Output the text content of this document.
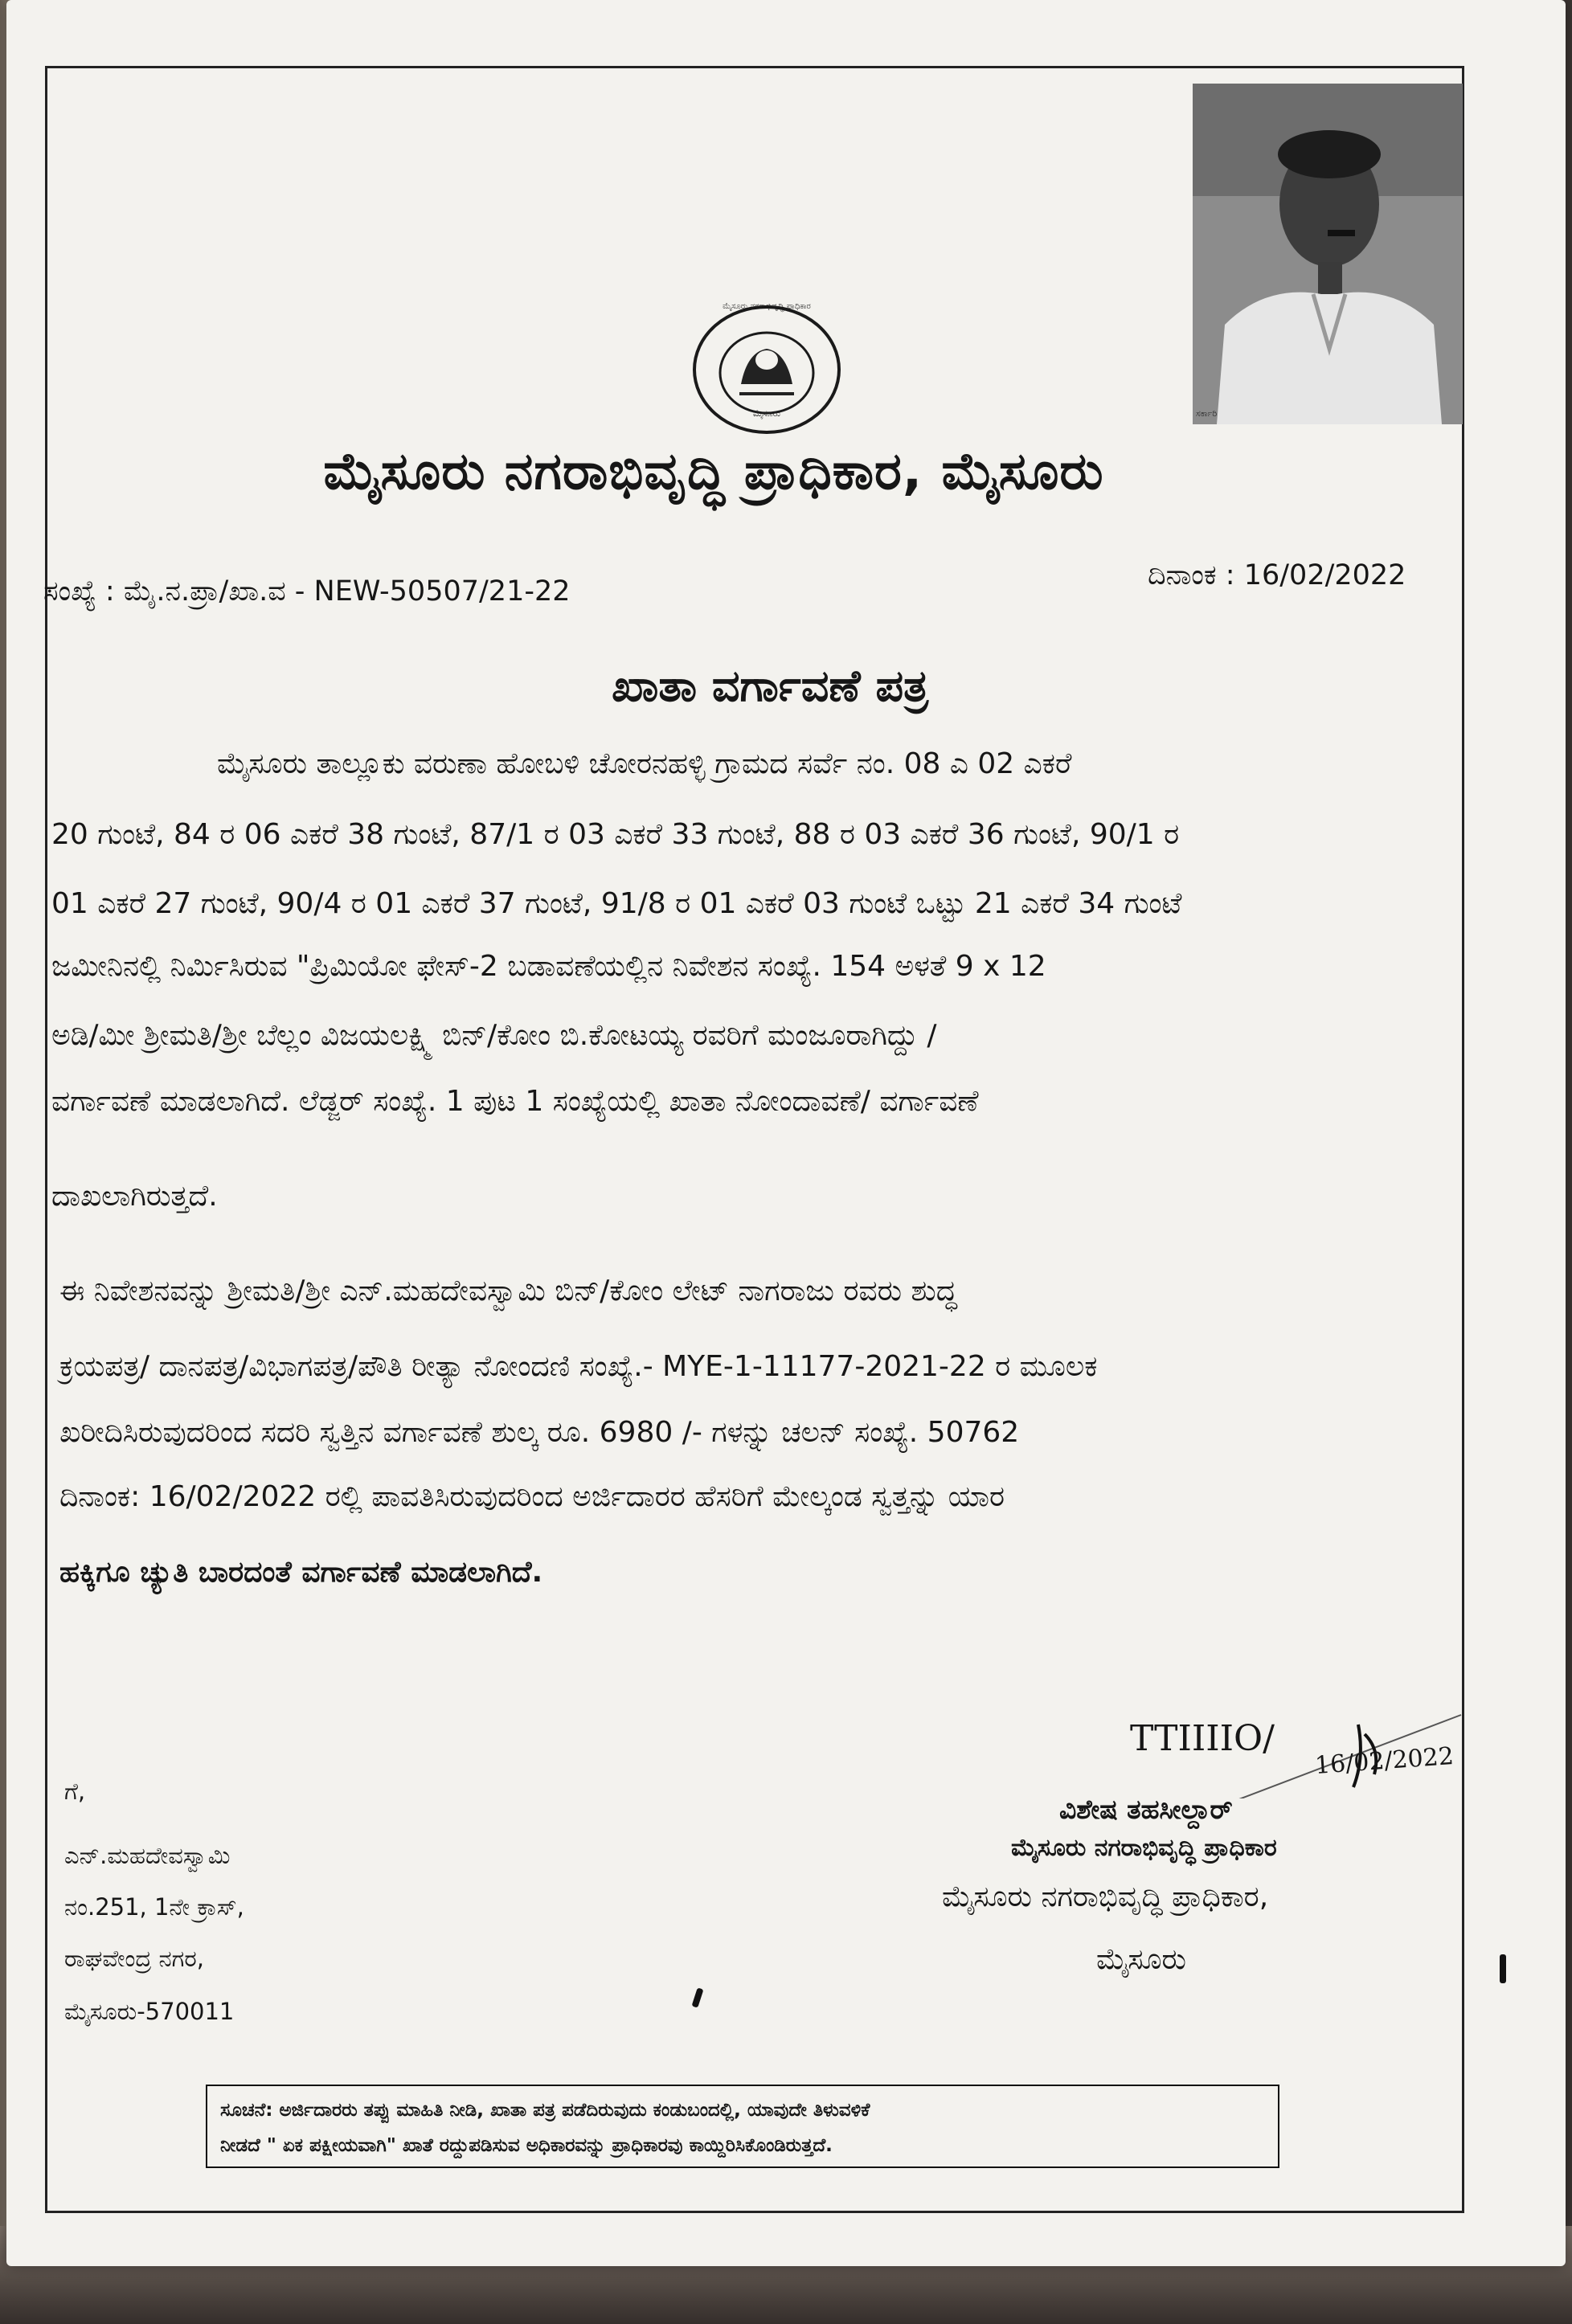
ಸರ್ಕಾರಿ
ಮೈಸೂರು
ಮೈಸೂರು ನಗರಾಭಿವೃದ್ಧಿ ಪ್ರಾಧಿಕಾರ
ಮೈಸೂರು ನಗರಾಭಿವೃದ್ಧಿ ಪ್ರಾಧಿಕಾರ, ಮೈಸೂರು
ದಿನಾಂಕ : 16/02/2022
ಸಂಖ್ಯೆ : ಮೈ.ನ.ಪ್ರಾ/ಖಾ.ವ - NEW-50507/21-22
ಖಾತಾ ವರ್ಗಾವಣೆ ಪತ್ರ
ಮೈಸೂರು ತಾಲ್ಲೂಕು ವರುಣಾ ಹೋಬಳಿ ಚೋರನಹಳ್ಳಿ ಗ್ರಾಮದ ಸರ್ವೆ ನಂ. 08 ಎ 02 ಎಕರೆ
20 ಗುಂಟೆ, 84 ರ 06 ಎಕರೆ 38 ಗುಂಟೆ, 87/1 ರ 03 ಎಕರೆ 33 ಗುಂಟೆ, 88 ರ 03 ಎಕರೆ 36 ಗುಂಟೆ, 90/1 ರ
01 ಎಕರೆ 27 ಗುಂಟೆ, 90/4 ರ 01 ಎಕರೆ 37 ಗುಂಟೆ, 91/8 ರ 01 ಎಕರೆ 03 ಗುಂಟೆ ಒಟ್ಟು 21 ಎಕರೆ 34 ಗುಂಟೆ
ಜಮೀನಿನಲ್ಲಿ ನಿರ್ಮಿಸಿರುವ "ಪ್ರಿಮಿಯೋ ಫೇಸ್-2 ಬಡಾವಣೆಯಲ್ಲಿನ ನಿವೇಶನ ಸಂಖ್ಯೆ. 154 ಅಳತೆ 9 x 12
ಅಡಿ/ಮೀ ಶ್ರೀಮತಿ/ಶ್ರೀ ಬೆಲ್ಲಂ ವಿಜಯಲಕ್ಷ್ಮಿ ಬಿನ್/ಕೋಂ ಬಿ.ಕೋಟಯ್ಯ ರವರಿಗೆ ಮಂಜೂರಾಗಿದ್ದು /
ವರ್ಗಾವಣೆ ಮಾಡಲಾಗಿದೆ. ಲೆಡ್ಜರ್ ಸಂಖ್ಯೆ. 1 ಪುಟ 1 ಸಂಖ್ಯೆಯಲ್ಲಿ ಖಾತಾ ನೋಂದಾವಣೆ/ ವರ್ಗಾವಣೆ
ದಾಖಲಾಗಿರುತ್ತದೆ.
ಈ ನಿವೇಶನವನ್ನು ಶ್ರೀಮತಿ/ಶ್ರೀ ಎನ್.ಮಹದೇವಸ್ವಾಮಿ ಬಿನ್/ಕೋಂ ಲೇಟ್ ನಾಗರಾಜು ರವರು ಶುದ್ಧ
ಕ್ರಯಪತ್ರ/ ದಾನಪತ್ರ/ವಿಭಾಗಪತ್ರ/ಪೌತಿ ರೀತ್ಯಾ ನೋಂದಣಿ ಸಂಖ್ಯೆ.- MYE-1-11177-2021-22 ರ ಮೂಲಕ
ಖರೀದಿಸಿರುವುದರಿಂದ ಸದರಿ ಸ್ವತ್ತಿನ ವರ್ಗಾವಣೆ ಶುಲ್ಕ ರೂ. 6980 /- ಗಳನ್ನು ಚಲನ್ ಸಂಖ್ಯೆ. 50762
ದಿನಾಂಕ: 16/02/2022 ರಲ್ಲಿ ಪಾವತಿಸಿರುವುದರಿಂದ ಅರ್ಜಿದಾರರ ಹೆಸರಿಗೆ ಮೇಲ್ಕಂಡ ಸ್ವತ್ತನ್ನು ಯಾರ
ಹಕ್ಕಿಗೂ ಚ್ಯುತಿ ಬಾರದಂತೆ ವರ್ಗಾವಣೆ ಮಾಡಲಾಗಿದೆ.
ಗೆ,
ಎನ್.ಮಹದೇವಸ್ವಾಮಿ
ನಂ.251, 1ನೇ ಕ್ರಾಸ್,
ರಾಘವೇಂದ್ರ ನಗರ,
ಮೈಸೂರು-570011
TTIIIIO/
16/02/2022
ವಿಶೇಷ ತಹಸೀಲ್ದಾರ್
ಮೈಸೂರು ನಗರಾಭಿವೃದ್ಧಿ ಪ್ರಾಧಿಕಾರ
ಮೈಸೂರು ನಗರಾಭಿವೃದ್ಧಿ ಪ್ರಾಧಿಕಾರ,
ಮೈಸೂರು
ಸೂಚನೆ: ಅರ್ಜಿದಾರರು ತಪ್ಪು ಮಾಹಿತಿ ನೀಡಿ, ಖಾತಾ ಪತ್ರ ಪಡೆದಿರುವುದು ಕಂಡುಬಂದಲ್ಲಿ, ಯಾವುದೇ ತಿಳುವಳಿಕೆ
ನೀಡದೆ " ಏಕ ಪಕ್ಷೀಯವಾಗಿ" ಖಾತೆ ರದ್ದುಪಡಿಸುವ ಅಧಿಕಾರವನ್ನು ಪ್ರಾಧಿಕಾರವು ಕಾಯ್ದಿರಿಸಿಕೊಂಡಿರುತ್ತದೆ.
